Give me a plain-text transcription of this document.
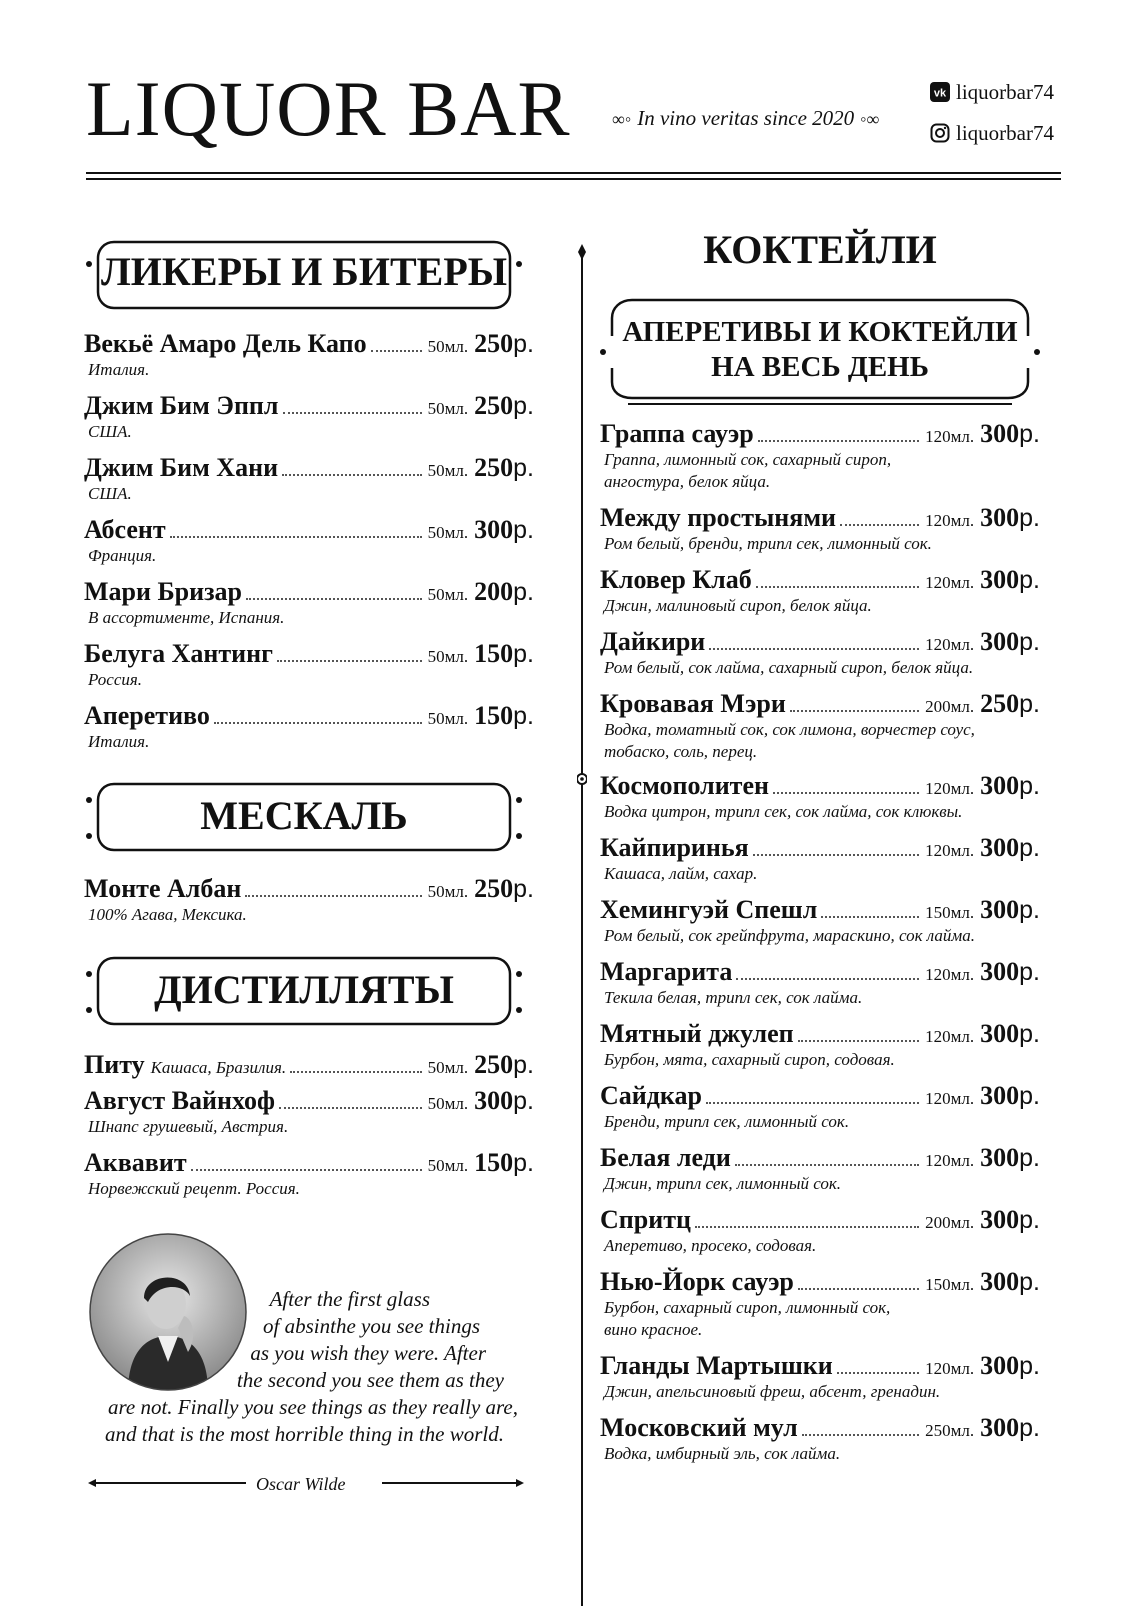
LIQUOR BAR	∞◦ In vino veritas since 2020 ◦∞
vk liquorbar74
liquorbar74
ЛИКЕРЫ И БИТЕРЫ
Векьё Амаро Дель Капо	50мл. 250 р.
Италия.
Джим Бим Эппл	50мл. 250 р.
США.
Джим Бим Хани	50мл. 250 р.
США.
Абсент	50мл. 300 р.
Франция.
Мари Бризар	50мл. 200 р.
В ассортименте, Испания.
Белуга Хантинг	50мл. 150 р.
Россия.
Аперетиво	50мл. 150 р.
Италия.
МЕСКАЛЬ
Монте Албан	50мл. 250 р.
100% Агава, Мексика.
ДИСТИЛЛЯТЫ
Питу Кашаса, Бразилия.	50мл. 250 р.
Август Вайнхоф	50мл. 300 р.
Шнапс грушевый, Австрия.
Аквавит	50мл. 150 р.
Норвежский рецепт. Россия.
After the first glass
of absinthe you see things
as you wish they were. After
the second you see them as they
are not. Finally you see things as they really are,
and that is the most horrible thing in the world.
Oscar Wilde
КОКТЕЙЛИ
АПЕРЕТИВЫ И КОКТЕЙЛИ
НА ВЕСЬ ДЕНЬ
Граппа сауэр	120мл. 300 р.
Граппа, лимонный сок, сахарный сироп,
ангостура, белок яйца.
Между простынями	120мл. 300 р.
Ром белый, бренди, трипл сек, лимонный сок.
Кловер Клаб	120мл. 300 р.
Джин, малиновый сироп, белок яйца.
Дайкири	120мл. 300 р.
Ром белый, сок лайма, сахарный сироп, белок яйца.
Кровавая Мэри	200мл. 250 р.
Водка, томатный сок, сок лимона, ворчестер соус,
тобаско, соль, перец.
Космополитен	120мл. 300 р.
Водка цитрон, трипл сек, сок лайма, сок клюквы.
Кайпиринья	120мл. 300 р.
Кашаса, лайм, сахар.
Хемингуэй Спешл	150мл. 300 р.
Ром белый, сок грейпфрута, мараскино, сок лайма.
Маргарита	120мл. 300 р.
Текила белая, трипл сек, сок лайма.
Мятный джулеп	120мл. 300 р.
Бурбон, мята, сахарный сироп, содовая.
Сайдкар	120мл. 300 р.
Бренди, трипл сек, лимонный сок.
Белая леди	120мл. 300 р.
Джин, трипл сек, лимонный сок.
Спритц	200мл. 300 р.
Аперетиво, просеко, содовая.
Нью-Йорк сауэр	150мл. 300 р.
Бурбон, сахарный сироп, лимонный сок,
вино красное.
Гланды Мартышки	120мл. 300 р.
Джин, апельсиновый фреш, абсент, гренадин.
Московский мул	250мл. 300 р.
Водка, имбирный эль, сок лайма.
